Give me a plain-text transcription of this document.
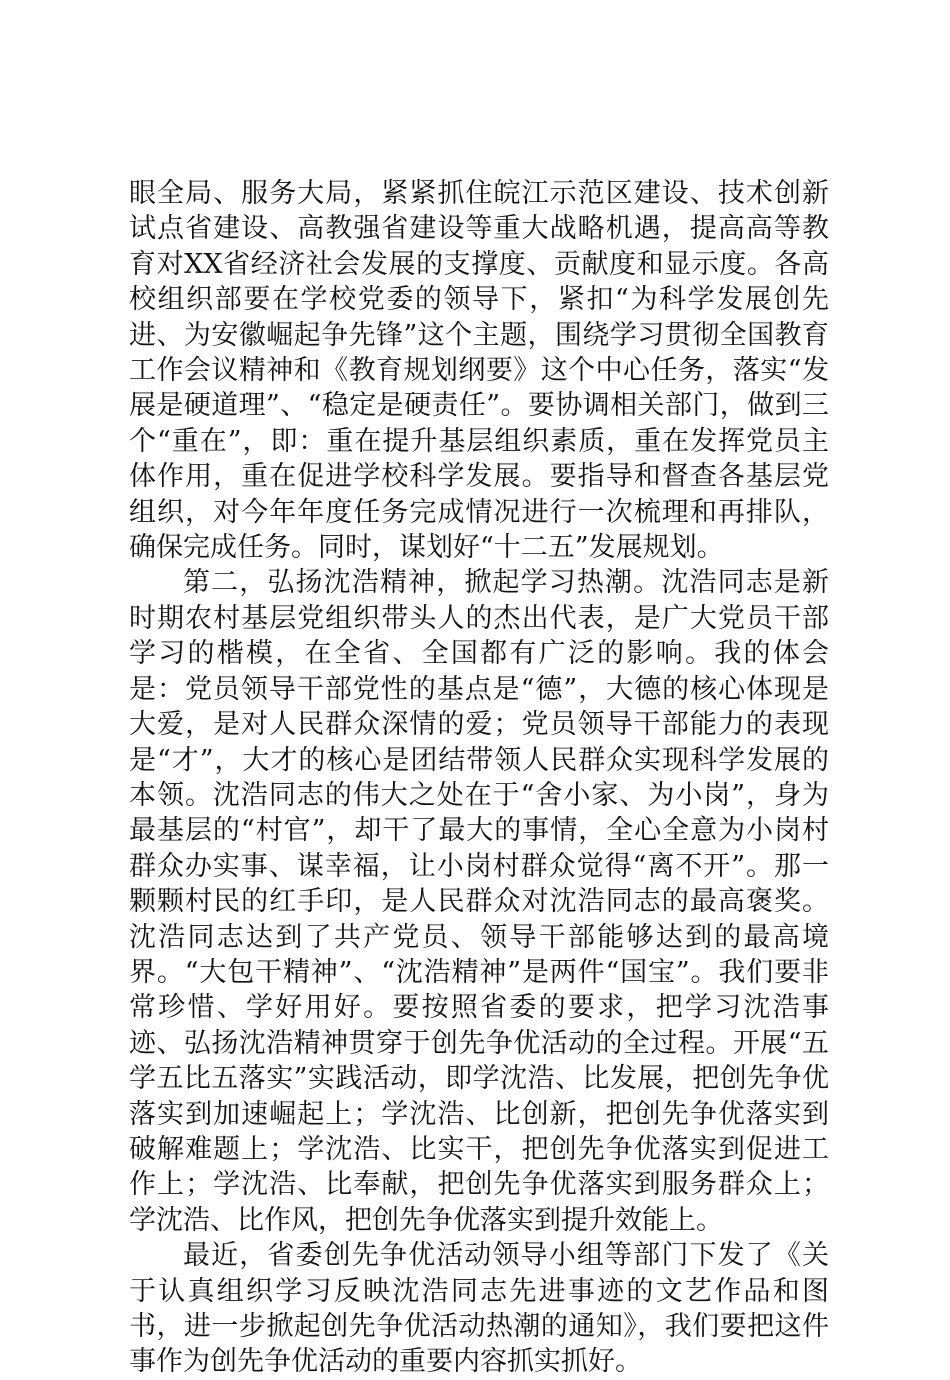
眼全局、服务大局，紧紧抓住皖江示范区建设、技术创新试点省建设、高教强省建设等重大战略机遇，提高高等教育对XX省经济社会发展的支撑度、贡献度和显示度。各高校组织部要在学校党委的领导下，紧扣“为科学发展创先进、为安徽崛起争先锋”这个主题，围绕学习贯彻全国教育工作会议精神和《教育规划纲要》这个中心任务，落实“发展是硬道理”、“稳定是硬责任”。要协调相关部门，做到三个“重在”，即：重在提升基层组织素质，重在发挥党员主体作用，重在促进学校科学发展。要指导和督查各基层党组织，对今年年度任务完成情况进行一次梳理和再排队，确保完成任务。同时，谋划好“十二五”发展规划。

第二，弘扬沈浩精神，掀起学习热潮。沈浩同志是新时期农村基层党组织带头人的杰出代表，是广大党员干部学习的楷模，在全省、全国都有广泛的影响。我的体会是：党员领导干部党性的基点是“德”，大德的核心体现是大爱，是对人民群众深情的爱；党员领导干部能力的表现是“才”，大才的核心是团结带领人民群众实现科学发展的本领。沈浩同志的伟大之处在于“舍小家、为小岗”，身为最基层的“村官”，却干了最大的事情，全心全意为小岗村群众办实事、谋幸福，让小岗村群众觉得“离不开”。那一颗颗村民的红手印，是人民群众对沈浩同志的最高褒奖。沈浩同志达到了共产党员、领导干部能够达到的最高境界。“大包干精神”、“沈浩精神”是两件“国宝”。我们要非常珍惜、学好用好。要按照省委的要求，把学习沈浩事迹、弘扬沈浩精神贯穿于创先争优活动的全过程。开展“五学五比五落实”实践活动，即学沈浩、比发展，把创先争优落实到加速崛起上；学沈浩、比创新，把创先争优落实到破解难题上；学沈浩、比实干，把创先争优落实到促进工作上；学沈浩、比奉献，把创先争优落实到服务群众上；学沈浩、比作风，把创先争优落实到提升效能上。

最近，省委创先争优活动领导小组等部门下发了《关于认真组织学习反映沈浩同志先进事迹的文艺作品和图书，进一步掀起创先争优活动热潮的通知》，我们要把这件事作为创先争优活动的重要内容抓实抓好。
